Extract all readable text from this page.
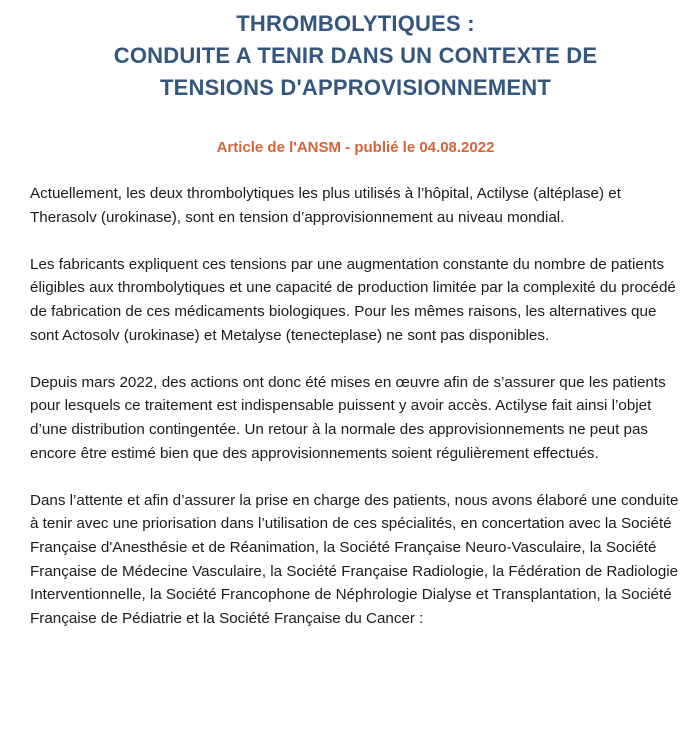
THROMBOLYTIQUES :
CONDUITE A TENIR DANS UN CONTEXTE DE
TENSIONS D'APPROVISIONNEMENT
Article de l'ANSM - publié le 04.08.2022

Actuellement, les deux thrombolytiques les plus utilisés à l’hôpital, Actilyse (altéplase) et Therasolv (urokinase), sont en tension d’approvisionnement au niveau mondial.

Les fabricants expliquent ces tensions par une augmentation constante du nombre de patients éligibles aux thrombolytiques et une capacité de production limitée par la complexité du procédé de fabrication de ces médicaments biologiques. Pour les mêmes raisons, les alternatives que sont Actosolv (urokinase) et Metalyse (tenecteplase) ne sont pas disponibles.

Depuis mars 2022, des actions ont donc été mises en œuvre afin de s’assurer que les patients pour lesquels ce traitement est indispensable puissent y avoir accès. Actilyse fait ainsi l’objet d’une distribution contingentée. Un retour à la normale des approvisionnements ne peut pas encore être estimé bien que des approvisionnements soient régulièrement effectués.

Dans l’attente et afin d’assurer la prise en charge des patients, nous avons élaboré une conduite à tenir avec une priorisation dans l’utilisation de ces spécialités, en concertation avec la Société Française d'Anesthésie et de Réanimation, la Société Française Neuro-Vasculaire, la Société Française de Médecine Vasculaire, la Société Française Radiologie, la Fédération de Radiologie Interventionnelle, la Société Francophone de Néphrologie Dialyse et Transplantation, la Société Française de Pédiatrie et la Société Française du Cancer :
